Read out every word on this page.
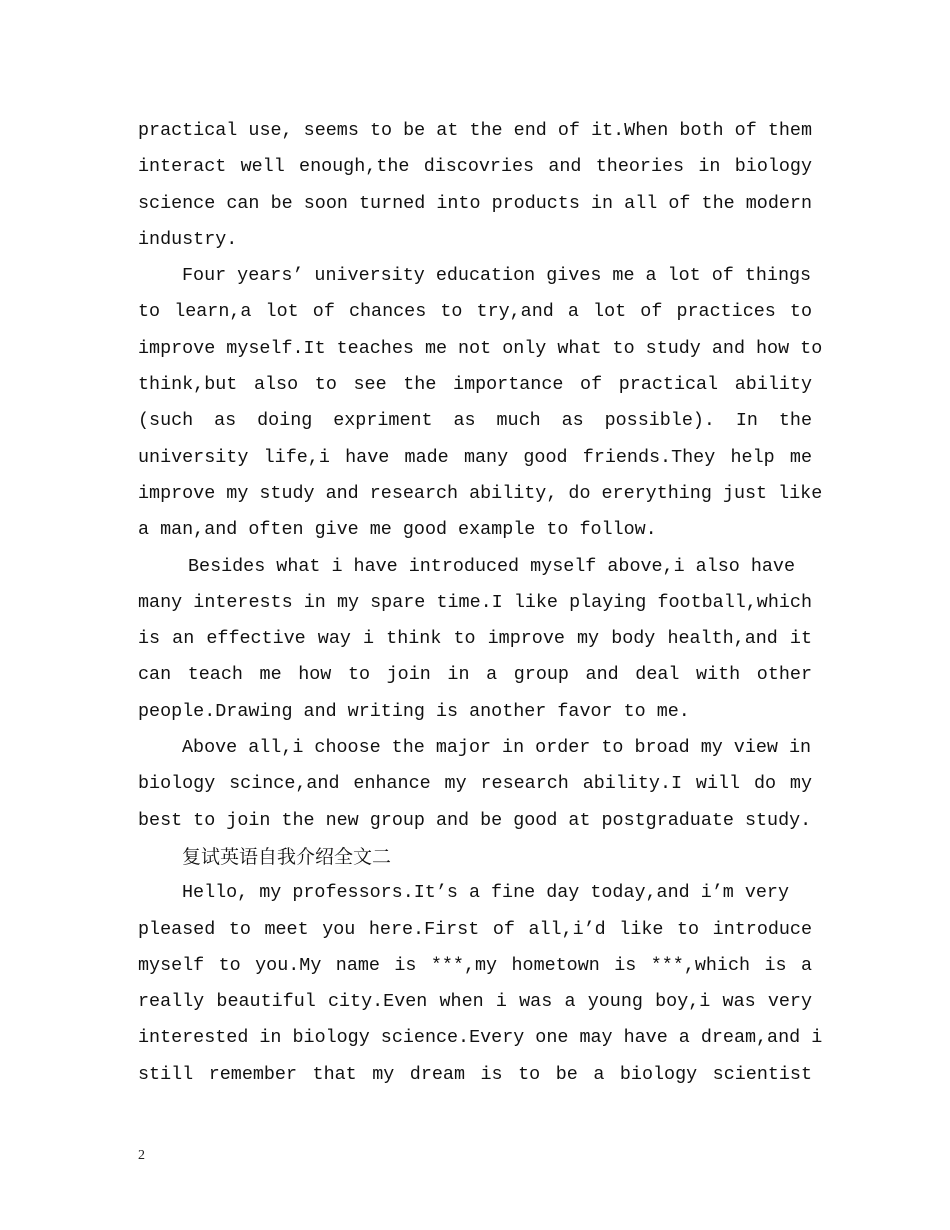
practical use, seems to be at the end of it.When both of them
interact well enough,the discovries and theories in biology
science can be soon turned into products in all of the modern
industry.
Four years’ university education gives me a lot of things
to learn,a lot of chances to try,and a lot of practices to
improve myself.It teaches me not only what to study and how to
think,but also to see the importance of practical ability
(such as doing expriment as much as possible). In the
university life,i have made many good friends.They help me
improve my study and research ability, do ererything just like
a man,and often give me good example to follow.
Besides what i have introduced myself above,i also have
many interests in my spare time.I like playing football,which
is an effective way i think to improve my body health,and it
can teach me how to join in a group and deal with other
people.Drawing and writing is another favor to me.
Above all,i choose the major in order to broad my view in
biology scince,and enhance my research ability.I will do my
best to join the new group and be good at postgraduate study.
复试英语自我介绍全文二
Hello, my professors.It’s a fine day today,and i’m very
pleased to meet you here.First of all,i’d like to introduce
myself to you.My name is ***,my hometown is ***,which is a
really beautiful city.Even when i was a young boy,i was very
interested in biology science.Every one may have a dream,and i
still remember that my dream is to be a biology scientist
2
